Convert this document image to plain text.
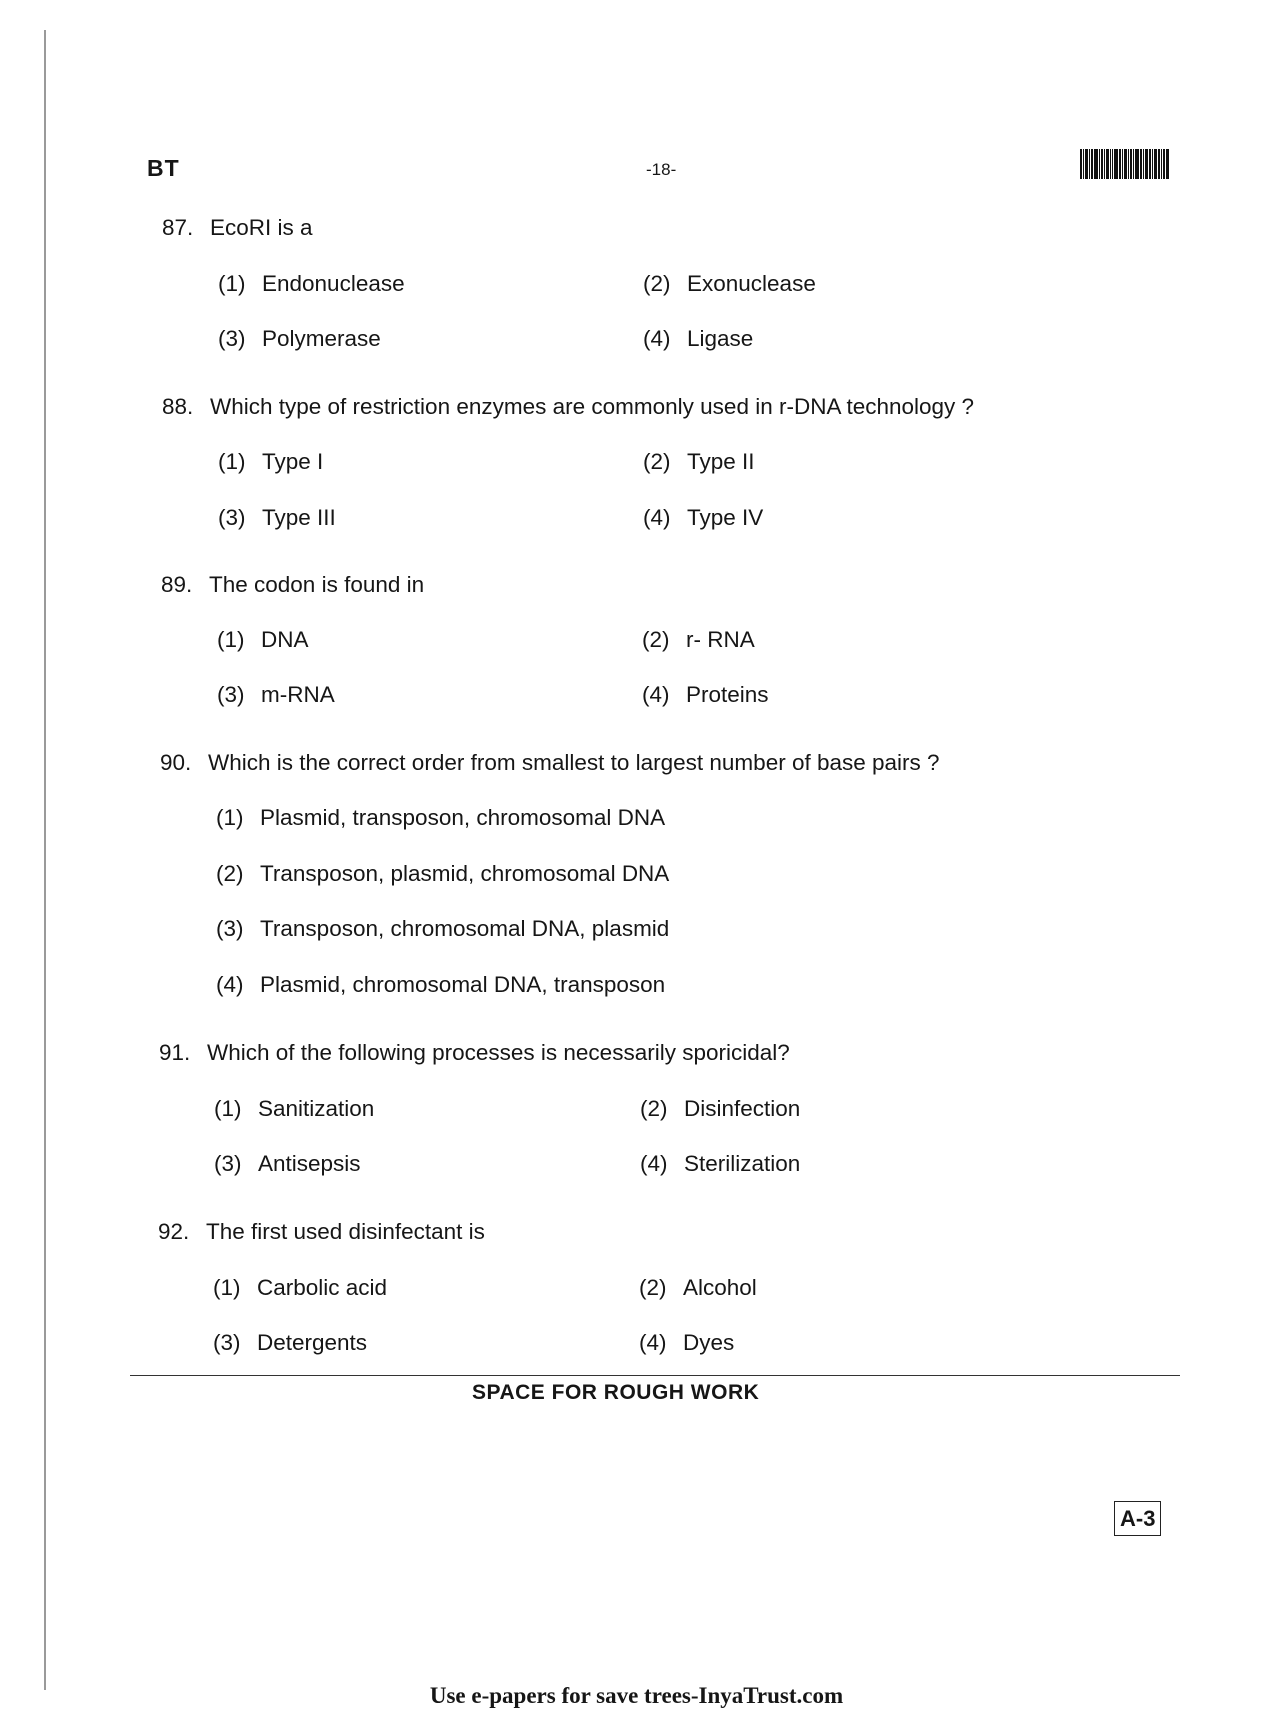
BT	-18-
87. EcoRI is a
(1) Endonuclease	(2) Exonuclease
(3) Polymerase	(4) Ligase
88. Which type of restriction enzymes are commonly used in r-DNA technology ?
(1) Type I	(2) Type II
(3) Type III	(4) Type IV
89. The codon is found in
(1) DNA	(2) r- RNA
(3) m-RNA	(4) Proteins
90. Which is the correct order from smallest to largest number of base pairs ?
(1) Plasmid, transposon, chromosomal DNA
(2) Transposon, plasmid, chromosomal DNA
(3) Transposon, chromosomal DNA, plasmid
(4) Plasmid, chromosomal DNA, transposon
91. Which of the following processes is necessarily sporicidal?
(1) Sanitization	(2) Disinfection
(3) Antisepsis	(4) Sterilization
92. The first used disinfectant is
(1) Carbolic acid	(2) Alcohol
(3) Detergents	(4) Dyes
SPACE FOR ROUGH WORK
A-3
Use e-papers for save trees-InyaTrust.com
